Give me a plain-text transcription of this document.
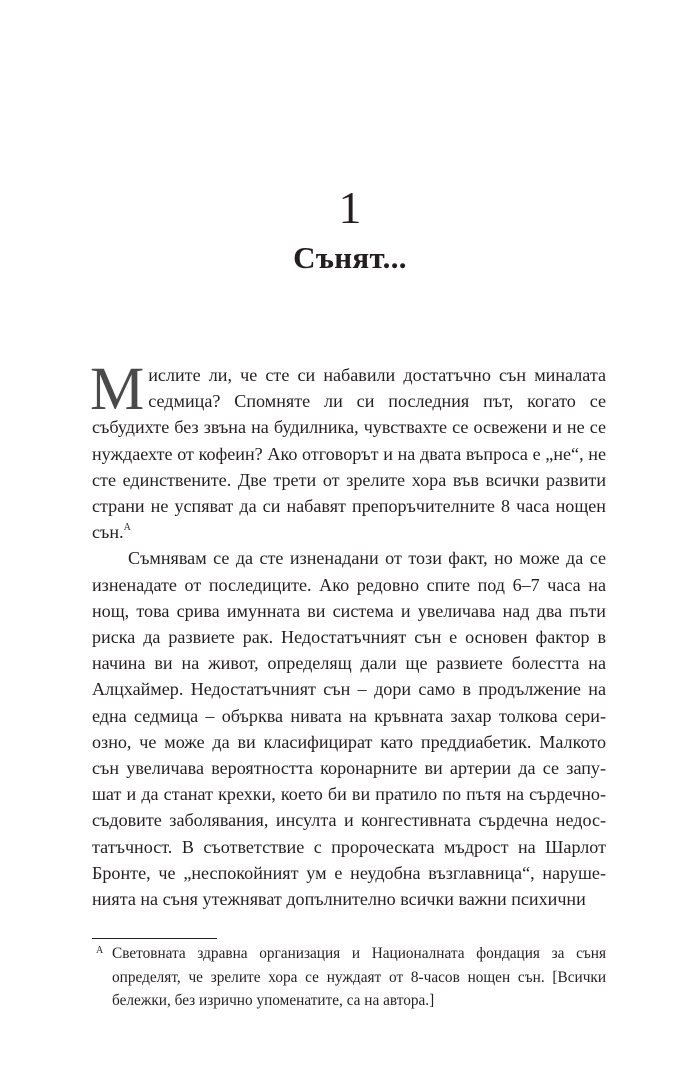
1
Сънят...

Мислите ли, че сте си набавили достатъчно сън миналата седмица? Спомняте ли си последния път, когато се събудихте без звъна на будилника, чувствахте се освежени и не се нуждаехте от кофеин? Ако отговорът и на двата въпроса е „не“, не сте единствените. Две трети от зрелите хора във всички развити страни не успяват да си набавят препоръчителните 8 часа нощен сън.$^A$

Съмнявам се да сте изненадани от този факт, но може да се изненадате от последиците. Ако редовно спите под 6–7 часа на нощ, това срива имунната ви система и увеличава над два пъти риска да развиете рак. Недостатъчният сън е основен фактор в начина ви на живот, определящ дали ще развиете болестта на Алцхаймер. Недостатъчният сън – дори само в продължение на една седмица – обърква нивата на кръвната захар толкова сериозно, че може да ви класифицират като преддиабетик. Малкото сън увеличава вероятността коронарните ви артерии да се запушат и да станат крехки, което би ви пратило по пътя на сърдечносъдовите заболявания, инсулта и конгестивната сърдечна недостатъчност. В съответствие с пророческата мъдрост на Шарлот Бронте, че „неспокойният ум е неудобна възглавница“, нарушенията на съня утежняват допълнително всички важни психични

A Световната здравна организация и Националната фондация за съня определят, че зрелите хора се нуждаят от 8-часов нощен сън. [Всички бележки, без изрично упоменатите, са на автора.]
